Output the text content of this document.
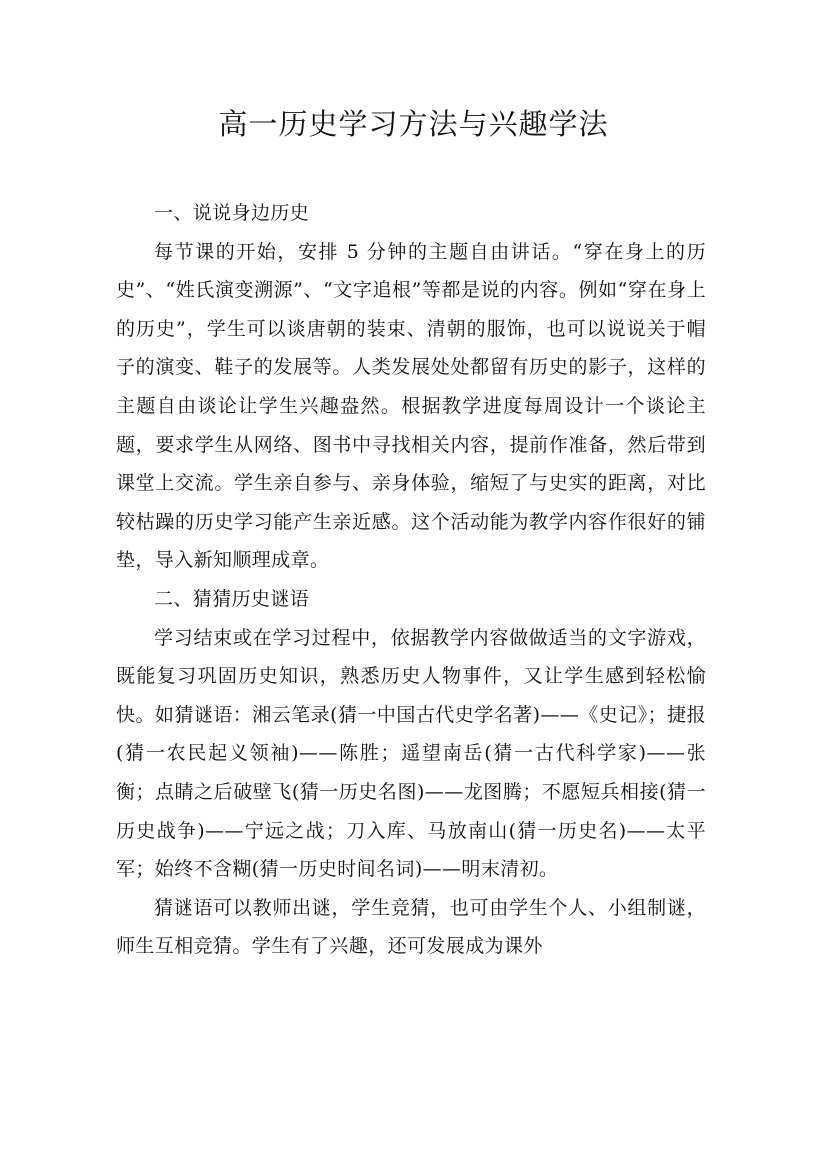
高一历史学习方法与兴趣学法

一、说说身边历史

每节课的开始，安排 5 分钟的主题自由讲话。“穿在身上的历史”、“姓氏演变溯源”、“文字追根”等都是说的内容。例如“穿在身上的历史”，学生可以谈唐朝的装束、清朝的服饰，也可以说说关于帽子的演变、鞋子的发展等。人类发展处处都留有历史的影子，这样的主题自由谈论让学生兴趣盎然。根据教学进度每周设计一个谈论主题，要求学生从网络、图书中寻找相关内容，提前作准备，然后带到课堂上交流。学生亲自参与、亲身体验，缩短了与史实的距离，对比较枯躁的历史学习能产生亲近感。这个活动能为教学内容作很好的铺垫，导入新知顺理成章。

二、猜猜历史谜语

学习结束或在学习过程中，依据教学内容做做适当的文字游戏，既能复习巩固历史知识，熟悉历史人物事件，又让学生感到轻松愉快。如猜谜语：湘云笔录(猜一中国古代史学名著)——《史记》；捷报(猜一农民起义领袖)——陈胜；遥望南岳(猜一古代科学家)——张衡；点睛之后破壁飞(猜一历史名图)——龙图腾；不愿短兵相接(猜一历史战争)——宁远之战；刀入库、马放南山(猜一历史名)——太平军；始终不含糊(猜一历史时间名词)——明末清初。

猜谜语可以教师出谜，学生竞猜，也可由学生个人、小组制谜，师生互相竞猜。学生有了兴趣，还可发展成为课外
